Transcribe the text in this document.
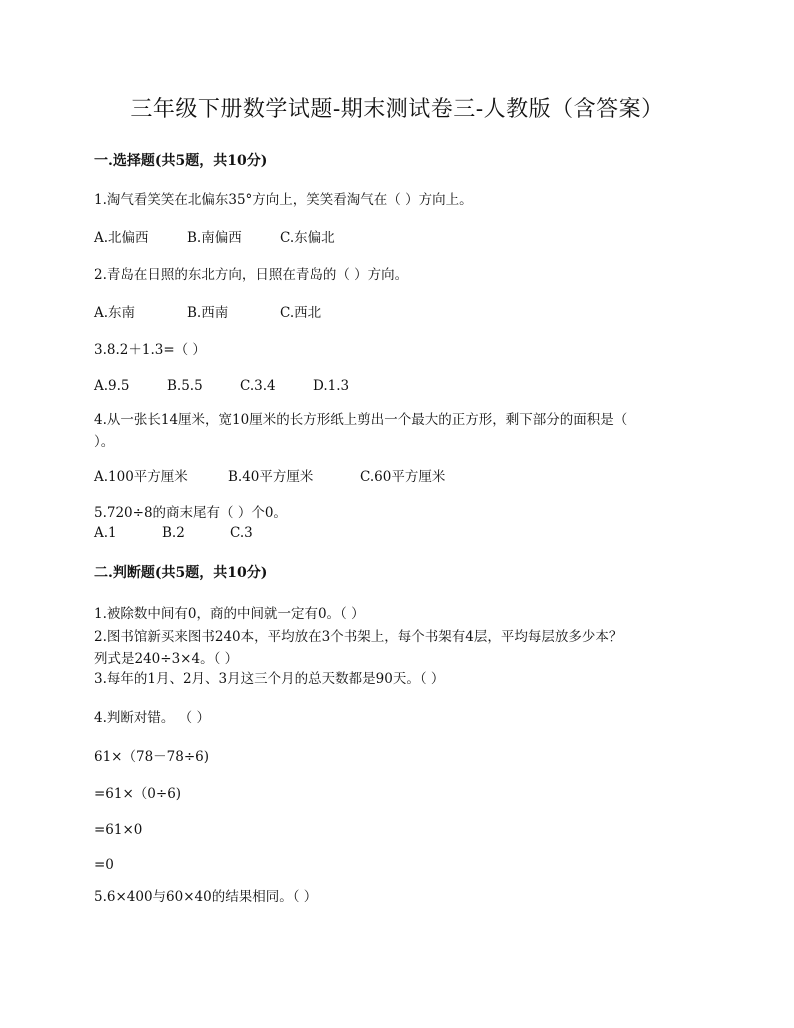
三年级下册数学试题-期末测试卷三-人教版（含答案）
一.选择题(共5题，共10分)
1.淘气看笑笑在北偏东35°方向上，笑笑看淘气在（ ）方向上。
A.北偏西	B.南偏西	C.东偏北
2.青岛在日照的东北方向，日照在青岛的（ ）方向。
A.东南	B.西南	C.西北
3.8.2＋1.3=（ ）
A.9.5	B.5.5	C.3.4	D.1.3
4.从一张长14厘米，宽10厘米的长方形纸上剪出一个最大的正方形，剩下部分的面积是（
）。
A.100平方厘米	B.40平方厘米	C.60平方厘米
5.720÷8的商末尾有（ ）个0。
A.1	B.2	C.3
二.判断题(共5题，共10分)
1.被除数中间有0，商的中间就一定有0。（ ）
2.图书馆新买来图书240本，平均放在3个书架上，每个书架有4层，平均每层放多少本？
列式是240÷3×4。（ ）
3.每年的1月、2月、3月这三个月的总天数都是90天。（ ）
4.判断对错。 （ ）
61×（78－78÷6)
=61×（0÷6)
=61×0
=0
5.6×400与60×40的结果相同。（ ）
